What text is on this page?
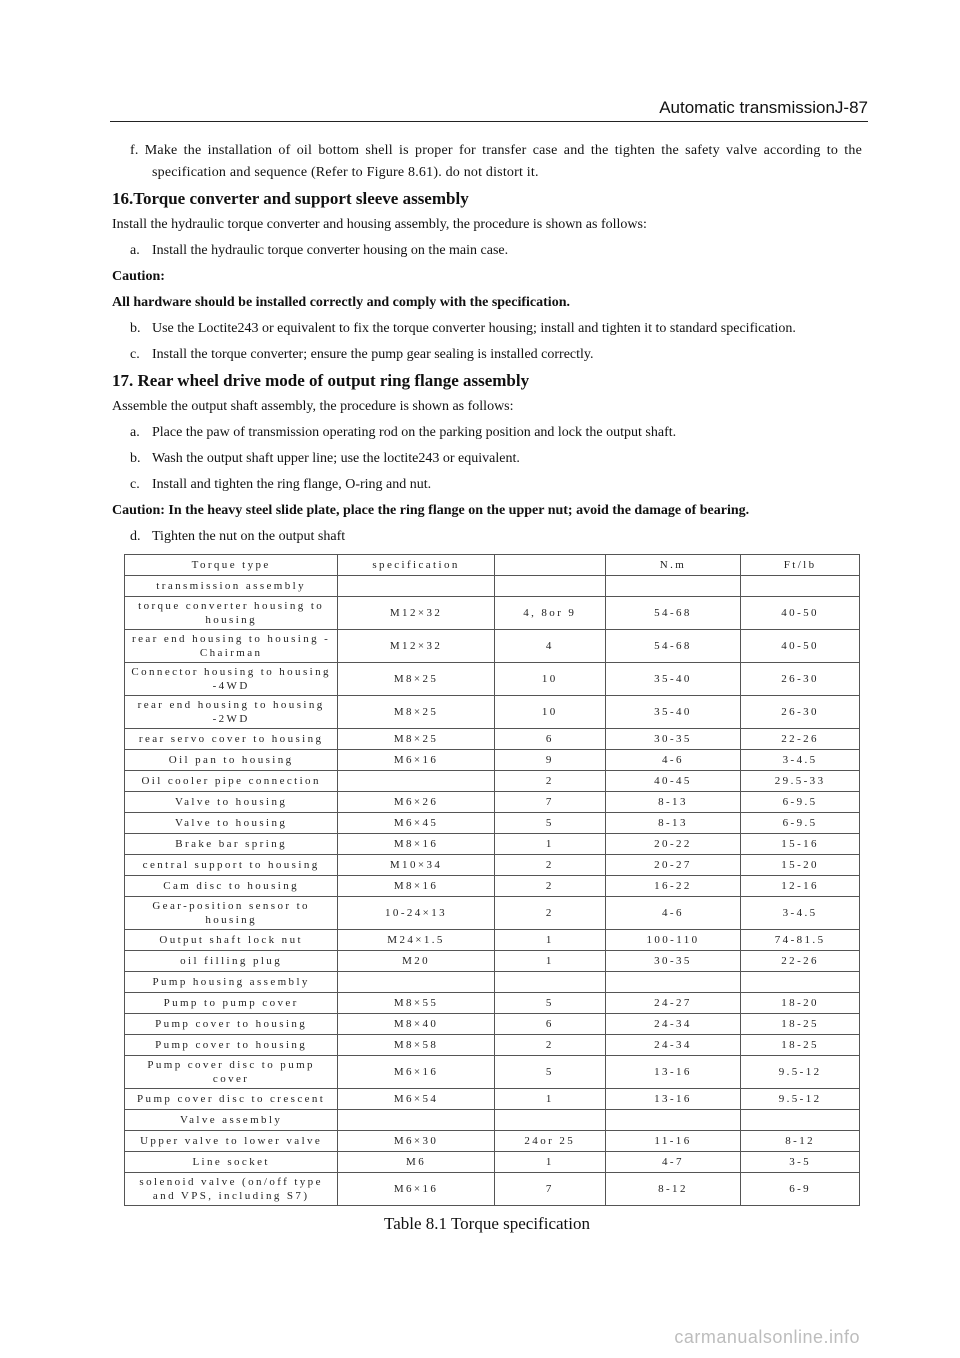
Automatic transmissionJ-87

f. Make the installation of oil bottom shell is proper for transfer case and the tighten the safety valve according to the specification and sequence (Refer to Figure 8.61). do not distort it.

16.Torque converter and support sleeve assembly

Install the hydraulic torque converter and housing assembly, the procedure is shown as follows:

a. Install the hydraulic torque converter housing on the main case.

Caution:

All hardware should be installed correctly and comply with the specification.

b. Use the Loctite243 or equivalent to fix the torque converter housing; install and tighten it to standard specification.

c. Install the torque converter; ensure the pump gear sealing is installed correctly.

17. Rear wheel drive mode of output ring flange assembly

Assemble the output shaft assembly, the procedure is shown as follows:

a. Place the paw of transmission operating rod on the parking position and lock the output shaft.

b. Wash the output shaft upper line; use the loctite243 or equivalent.

c. Install and tighten the ring flange, O-ring and nut.

Caution: In the heavy steel slide plate, place the ring flange on the upper nut; avoid the damage of bearing.

d. Tighten the nut on the output shaft

Torque type	specification		N.m	Ft/lb
transmission assembly				
torque converter housing to housing	M12×32	4, 8or 9	54-68	40-50
rear end housing to housing -Chairman	M12×32	4	54-68	40-50
Connector housing to housing -4WD	M8×25	10	35-40	26-30
rear end housing to housing -2WD	M8×25	10	35-40	26-30
rear servo cover to housing	M8×25	6	30-35	22-26
Oil pan to housing	M6×16	9	4-6	3-4.5
Oil cooler pipe connection		2	40-45	29.5-33
Valve to housing	M6×26	7	8-13	6-9.5
Valve to housing	M6×45	5	8-13	6-9.5
Brake bar spring	M8×16	1	20-22	15-16
central support to housing	M10×34	2	20-27	15-20
Cam disc to housing	M8×16	2	16-22	12-16
Gear-position sensor to housing	10-24×13	2	4-6	3-4.5
Output shaft lock nut	M24×1.5	1	100-110	74-81.5
oil filling plug	M20	1	30-35	22-26
Pump housing assembly				
Pump to pump cover	M8×55	5	24-27	18-20
Pump cover to housing	M8×40	6	24-34	18-25
Pump cover to housing	M8×58	2	24-34	18-25
Pump cover disc to pump cover	M6×16	5	13-16	9.5-12
Pump cover disc to crescent	M6×54	1	13-16	9.5-12
Valve assembly				
Upper valve to lower valve	M6×30	24or 25	11-16	8-12
Line socket	M6	1	4-7	3-5
solenoid valve (on/off type and VPS, including S7)	M6×16	7	8-12	6-9
Table 8.1 Torque specification
carmanualsonline.info
